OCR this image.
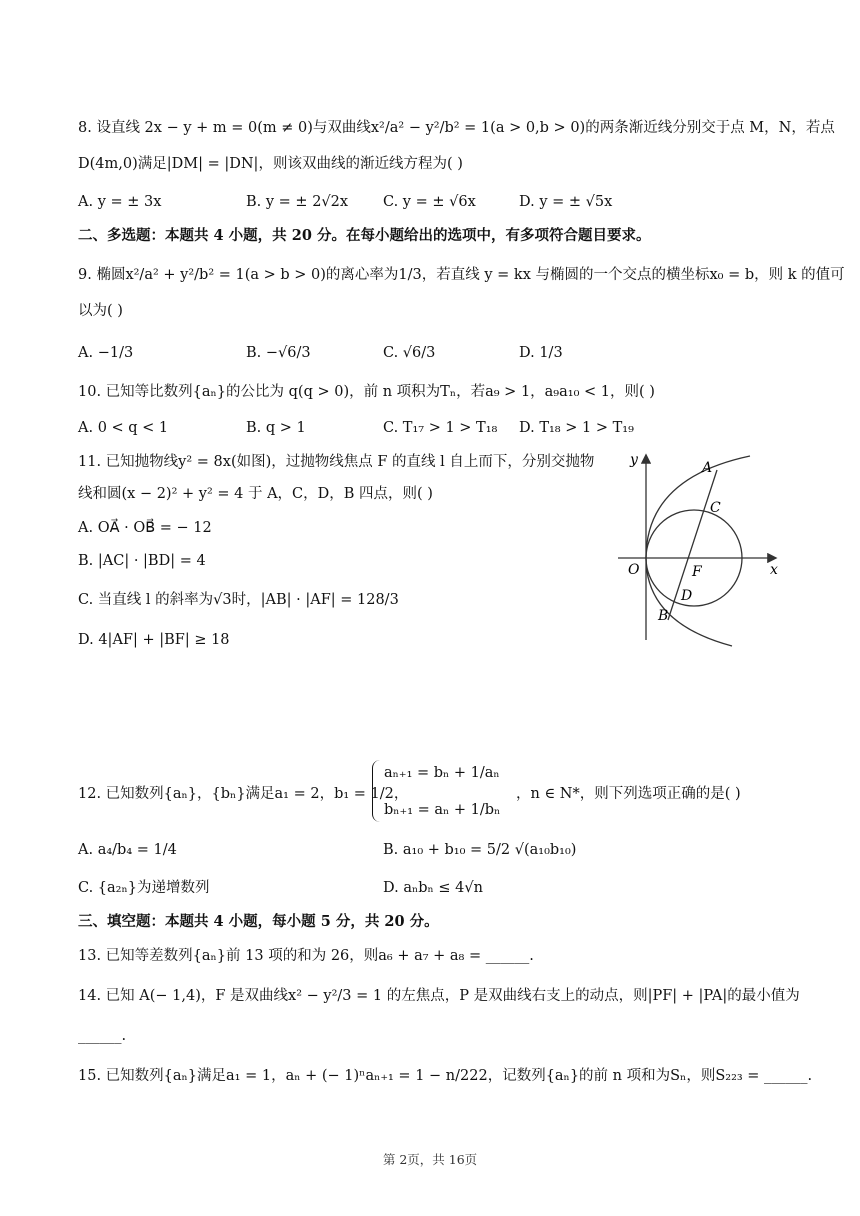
8. 设直线 2x − y + m = 0(m ≠ 0)与双曲线x²/a² − y²/b² = 1(a > 0,b > 0)的两条渐近线分别交于点 M，N，若点
D(4m,0)满足|DM| = |DN|，则该双曲线的渐近线方程为( )
A. y = ± 3x	B. y = ± 2√2x C. y = ± √6x	D. y = ± √5x
二、多选题：本题共 4 小题，共 20 分。在每小题给出的选项中，有多项符合题目要求。
9. 椭圆x²/a² + y²/b² = 1(a > b > 0)的离心率为1/3，若直线 y = kx 与椭圆的一个交点的横坐标x₀ = b，则 k 的值可
以为( )
A. −1/3	B. −√6/3	C. √6/3	D. 1/3
10. 已知等比数列{aₙ}的公比为 q(q > 0)，前 n 项积为Tₙ，若a₉ > 1，a₉a₁₀ < 1，则( )
A. 0 < q < 1	B. q > 1	C. T₁₇ > 1 > T₁₈ D. T₁₈ > 1 > T₁₉
11. 已知抛物线y² = 8x(如图)，过抛物线焦点 F 的直线 l 自上而下，分别交抛物
线和圆(x − 2)² + y² = 4 于 A，C，D，B 四点，则( )
A. OA⃗ · OB⃗ = − 12
B. |AC| · |BD| = 4
C. 当直线 l 的斜率为√3时，|AB| · |AF| = 128/3
D. 4|AF| + |BF| ≥ 18
y
x
O	F
A
C
D
B
12. 已知数列{aₙ}，{bₙ}满足a₁ = 2，b₁ = 1/2，
aₙ₊₁ = bₙ + 1/aₙ
bₙ₊₁ = aₙ + 1/bₙ
，n ∈ N*，则下列选项正确的是( )
A. a₄/b₄ = 1/4	B. a₁₀ + b₁₀ = 5/2 √(a₁₀b₁₀)
C. {a₂ₙ}为递增数列	D. aₙbₙ ≤ 4√n
三、填空题：本题共 4 小题，每小题 5 分，共 20 分。
13. 已知等差数列{aₙ}前 13 项的和为 26，则a₆ + a₇ + a₈ = ______.
14. 已知 A(− 1,4)，F 是双曲线x² − y²/3 = 1 的左焦点，P 是双曲线右支上的动点，则|PF| + |PA|的最小值为
______.
15. 已知数列{aₙ}满足a₁ = 1，aₙ + (− 1)ⁿaₙ₊₁ = 1 − n/222，记数列{aₙ}的前 n 项和为Sₙ，则S₂₂₃ = ______.
第 2页，共 16页
